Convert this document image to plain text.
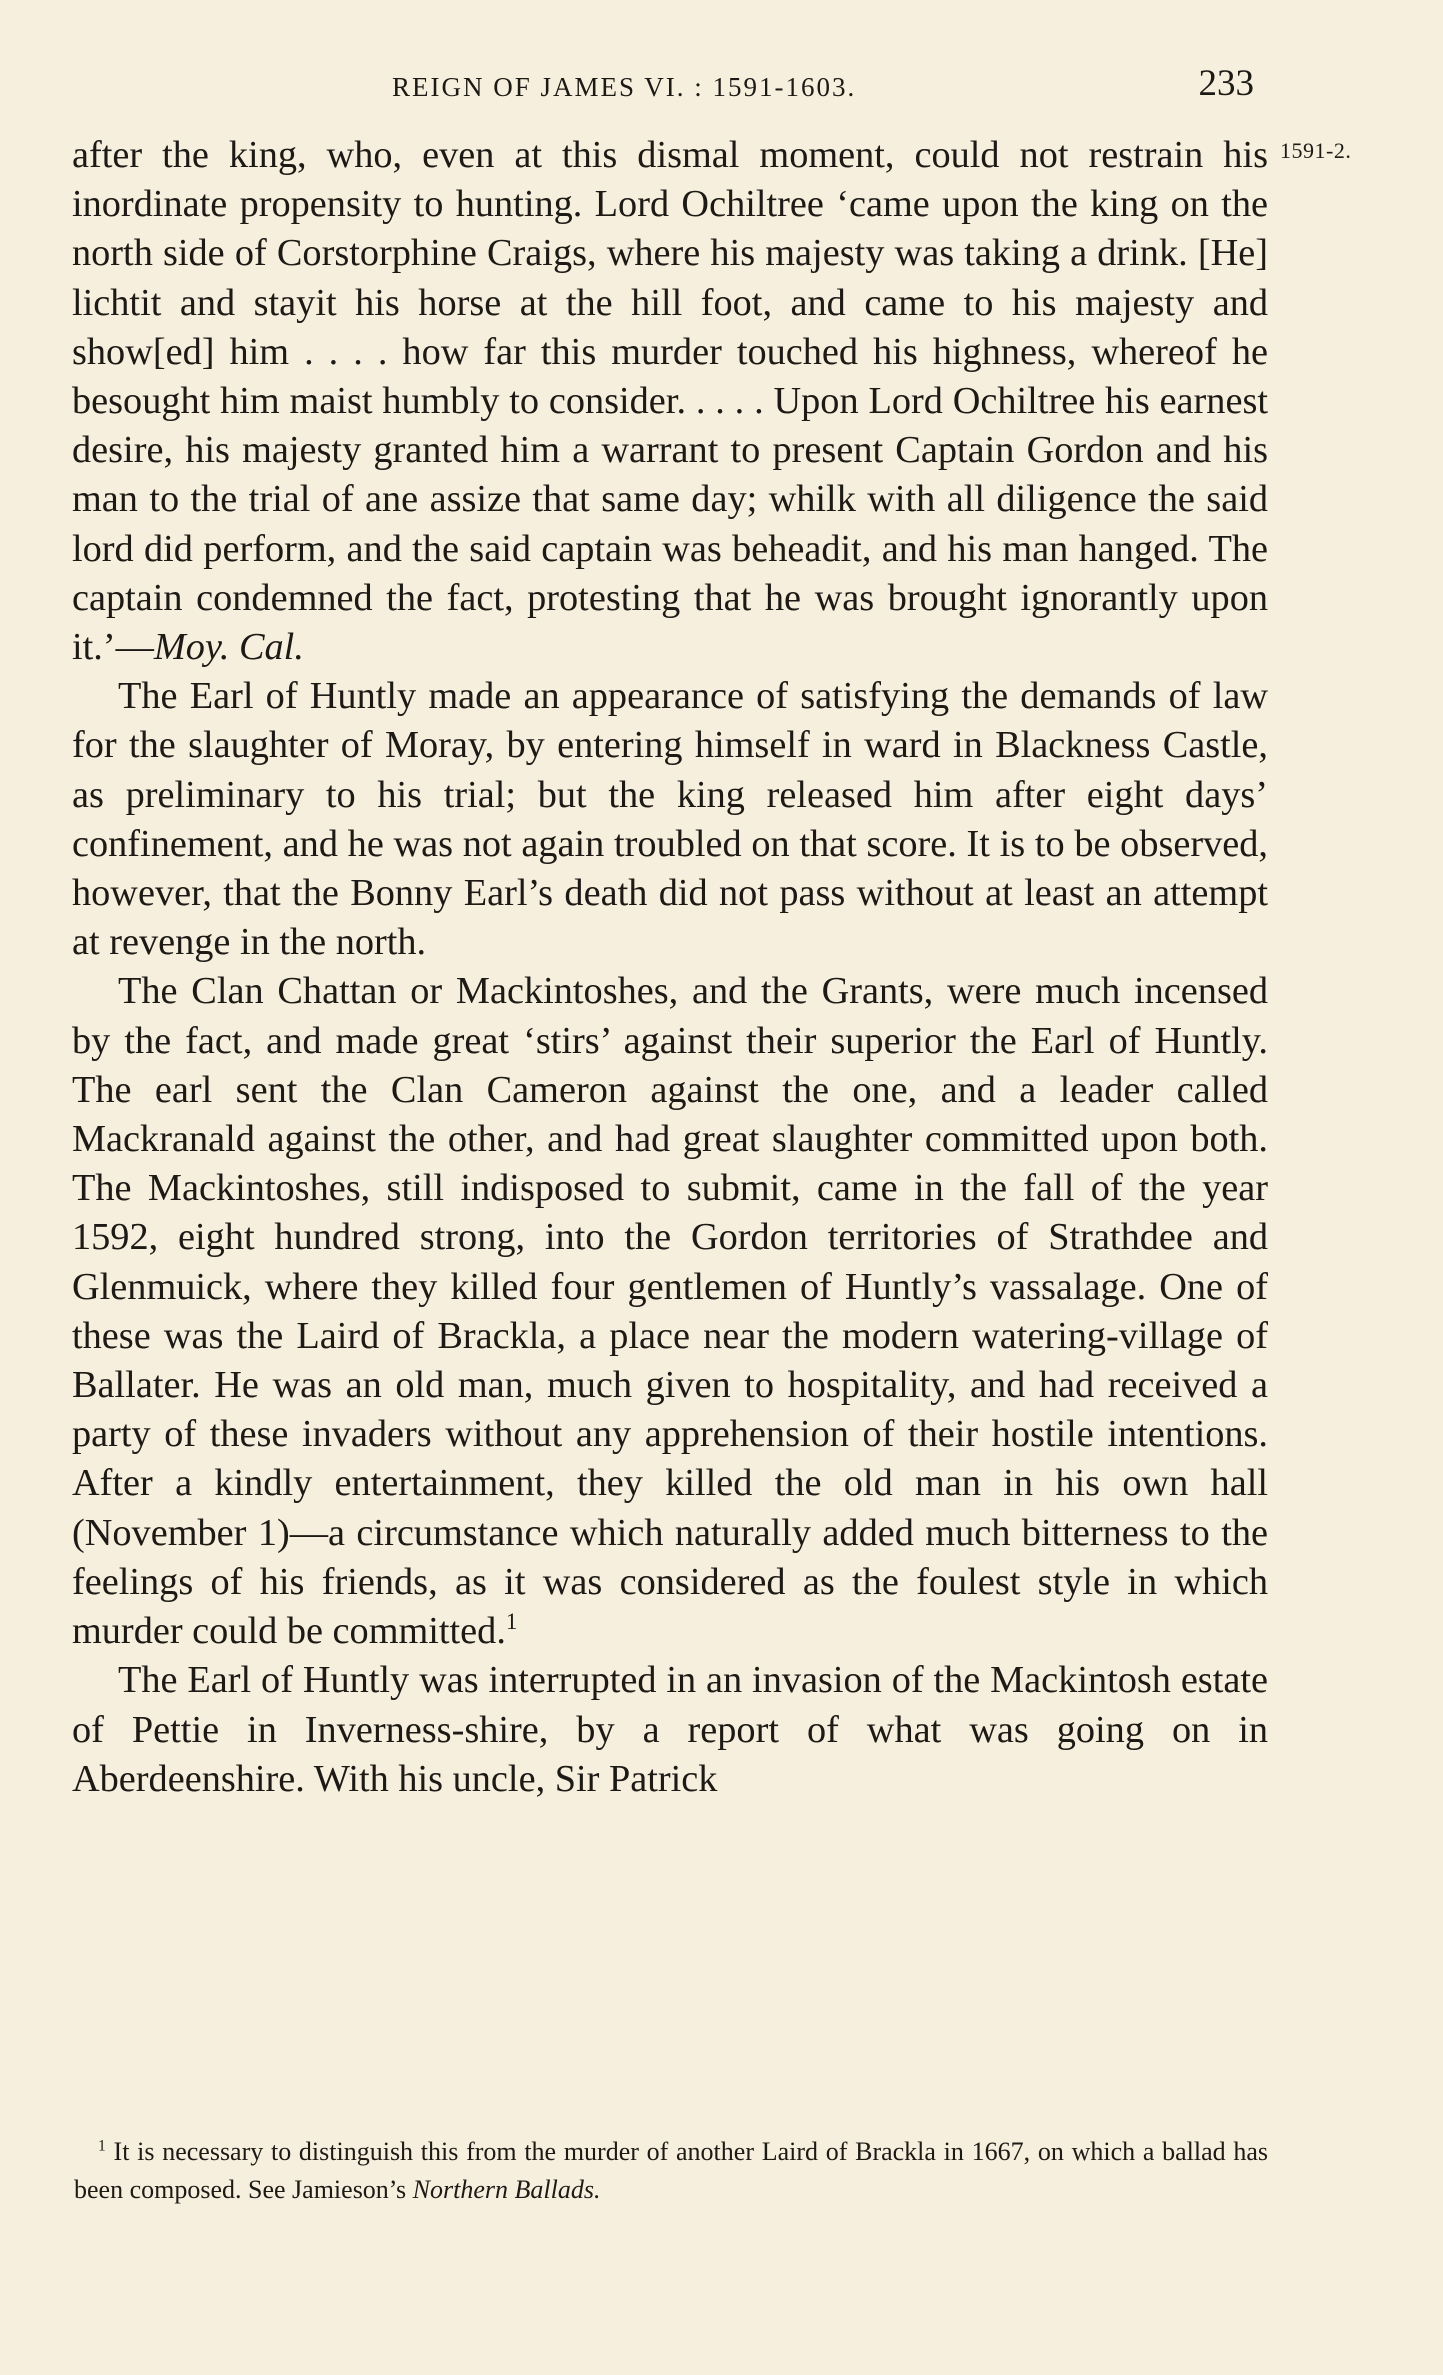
REIGN OF JAMES VI. : 1591-1603.	233
1591-2.

after the king, who, even at this dismal moment, could not restrain his inordinate propensity to hunting. Lord Ochiltree ‘came upon the king on the north side of Corstorphine Craigs, where his majesty was taking a drink. [He] lichtit and stayit his horse at the hill foot, and came to his majesty and show[ed] him . . . . how far this murder touched his highness, whereof he besought him maist humbly to consider. . . . . Upon Lord Ochiltree his earnest desire, his majesty granted him a warrant to present Captain Gordon and his man to the trial of ane assize that same day; whilk with all diligence the said lord did perform, and the said captain was beheadit, and his man hanged. The captain condemned the fact, protesting that he was brought ignorantly upon it.’—Moy. Cal.

The Earl of Huntly made an appearance of satisfying the demands of law for the slaughter of Moray, by entering himself in ward in Blackness Castle, as preliminary to his trial; but the king released him after eight days’ confinement, and he was not again troubled on that score. It is to be observed, however, that the Bonny Earl’s death did not pass without at least an attempt at revenge in the north.

The Clan Chattan or Mackintoshes, and the Grants, were much incensed by the fact, and made great ‘stirs’ against their superior the Earl of Huntly. The earl sent the Clan Cameron against the one, and a leader called Mackranald against the other, and had great slaughter committed upon both. The Mackintoshes, still indisposed to submit, came in the fall of the year 1592, eight hundred strong, into the Gordon territories of Strathdee and Glenmuick, where they killed four gentlemen of Huntly’s vassalage. One of these was the Laird of Brackla, a place near the modern watering-village of Ballater. He was an old man, much given to hospitality, and had received a party of these invaders without any apprehension of their hostile intentions. After a kindly entertainment, they killed the old man in his own hall (November 1)—a circumstance which naturally added much bitterness to the feelings of his friends, as it was considered as the foulest style in which murder could be committed.$^1$

The Earl of Huntly was interrupted in an invasion of the Mackintosh estate of Pettie in Inverness-shire, by a report of what was going on in Aberdeenshire. With his uncle, Sir Patrick

$^1$ It is necessary to distinguish this from the murder of another Laird of Brackla in 1667, on which a ballad has been composed. See Jamieson’s Northern Ballads.
